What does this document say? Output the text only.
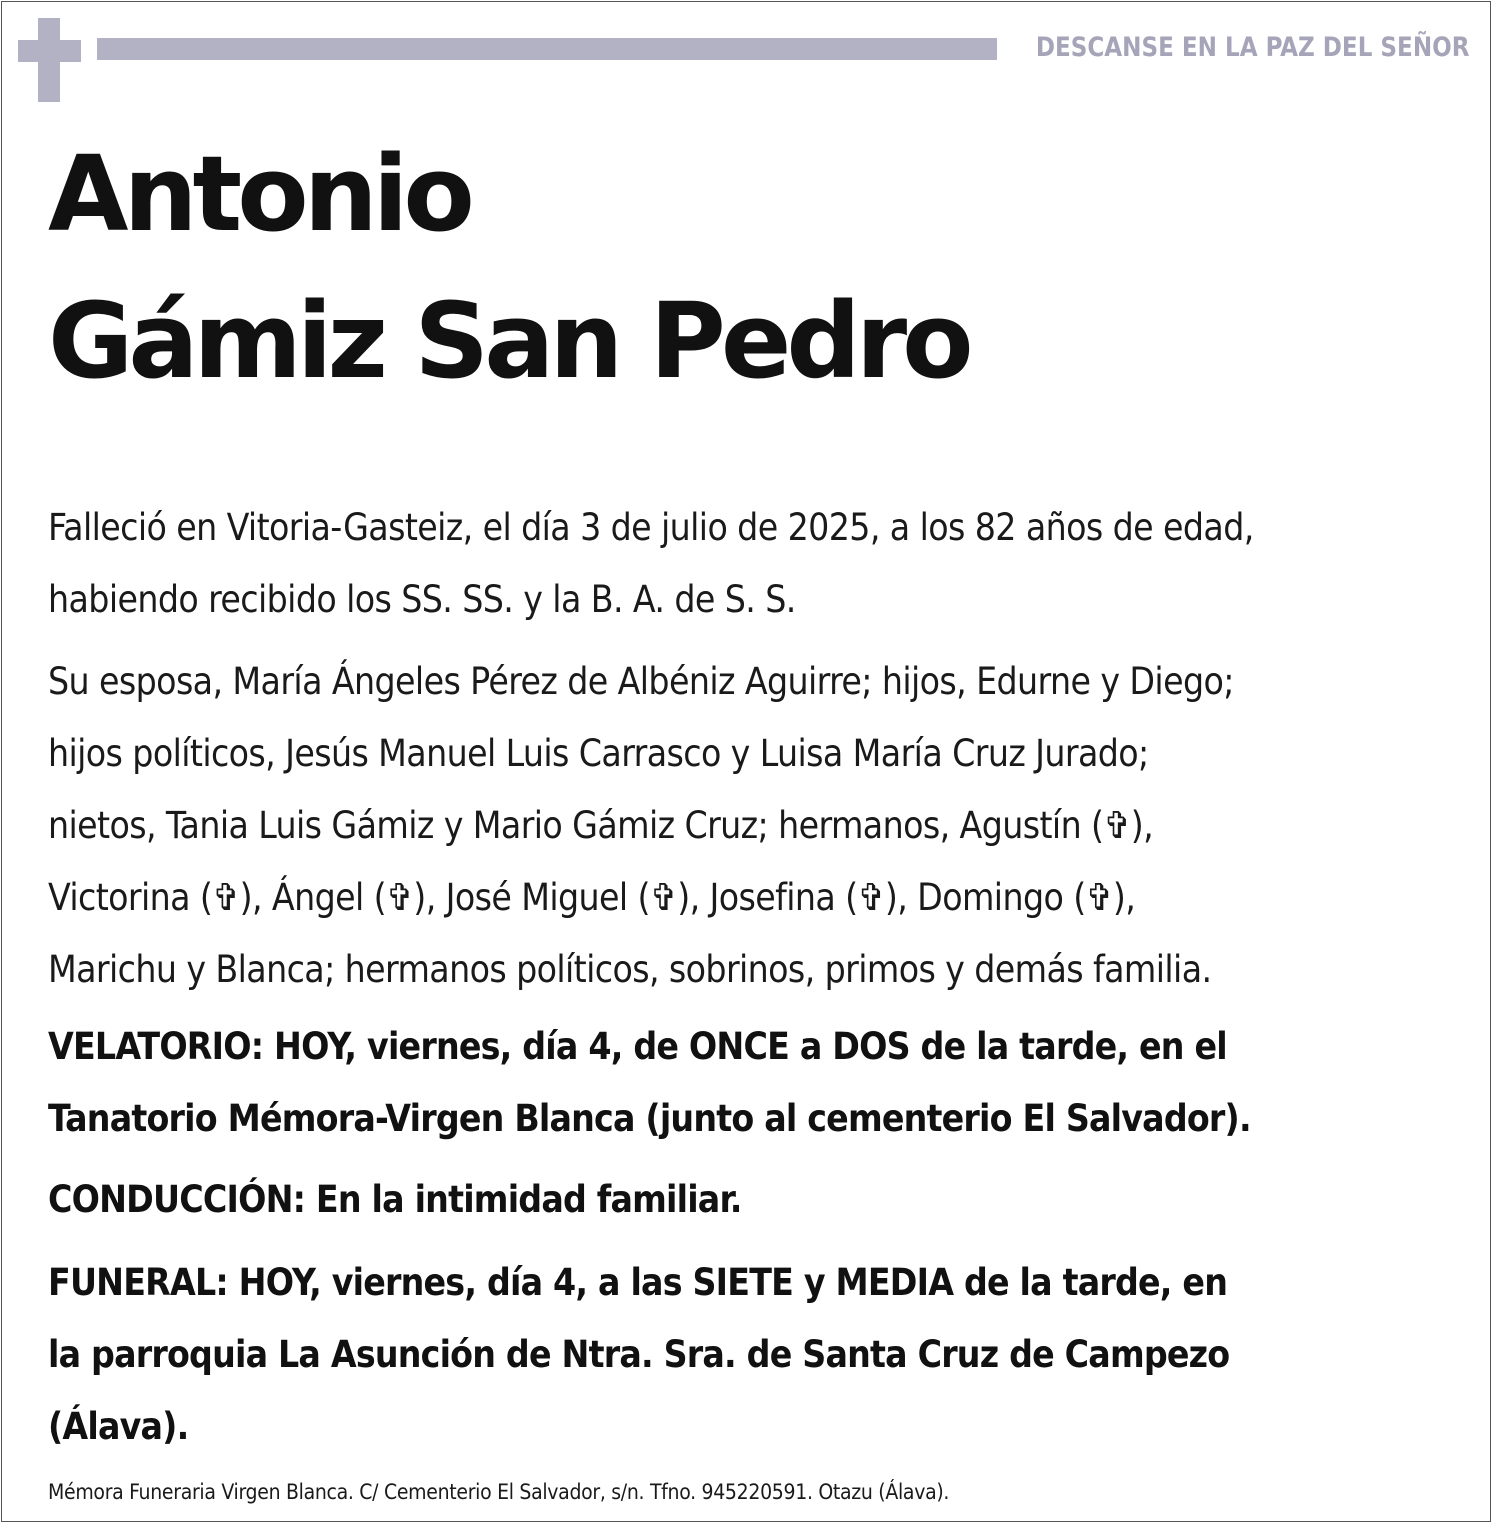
DESCANSE EN LA PAZ DEL SEÑOR
Antonio
Gámiz San Pedro

Falleció en Vitoria-Gasteiz, el día 3 de julio de 2025, a los 82 años de edad,

habiendo recibido los SS. SS. y la B. A. de S. S.

Su esposa, María Ángeles Pérez de Albéniz Aguirre; hijos, Edurne y Diego;

hijos políticos, Jesús Manuel Luis Carrasco y Luisa María Cruz Jurado;

nietos, Tania Luis Gámiz y Mario Gámiz Cruz; hermanos, Agustín (✞),

Victorina (✞), Ángel (✞), José Miguel (✞), Josefina (✞), Domingo (✞),

Marichu y Blanca; hermanos políticos, sobrinos, primos y demás familia.

VELATORIO: HOY, viernes, día 4, de ONCE a DOS de la tarde, en el

Tanatorio Mémora-Virgen Blanca (junto al cementerio El Salvador).

CONDUCCIÓN: En la intimidad familiar.

FUNERAL: HOY, viernes, día 4, a las SIETE y MEDIA de la tarde, en

la parroquia La Asunción de Ntra. Sra. de Santa Cruz de Campezo

(Álava).

Mémora Funeraria Virgen Blanca. C/ Cementerio El Salvador, s/n. Tfno. 945220591. Otazu (Álava).
